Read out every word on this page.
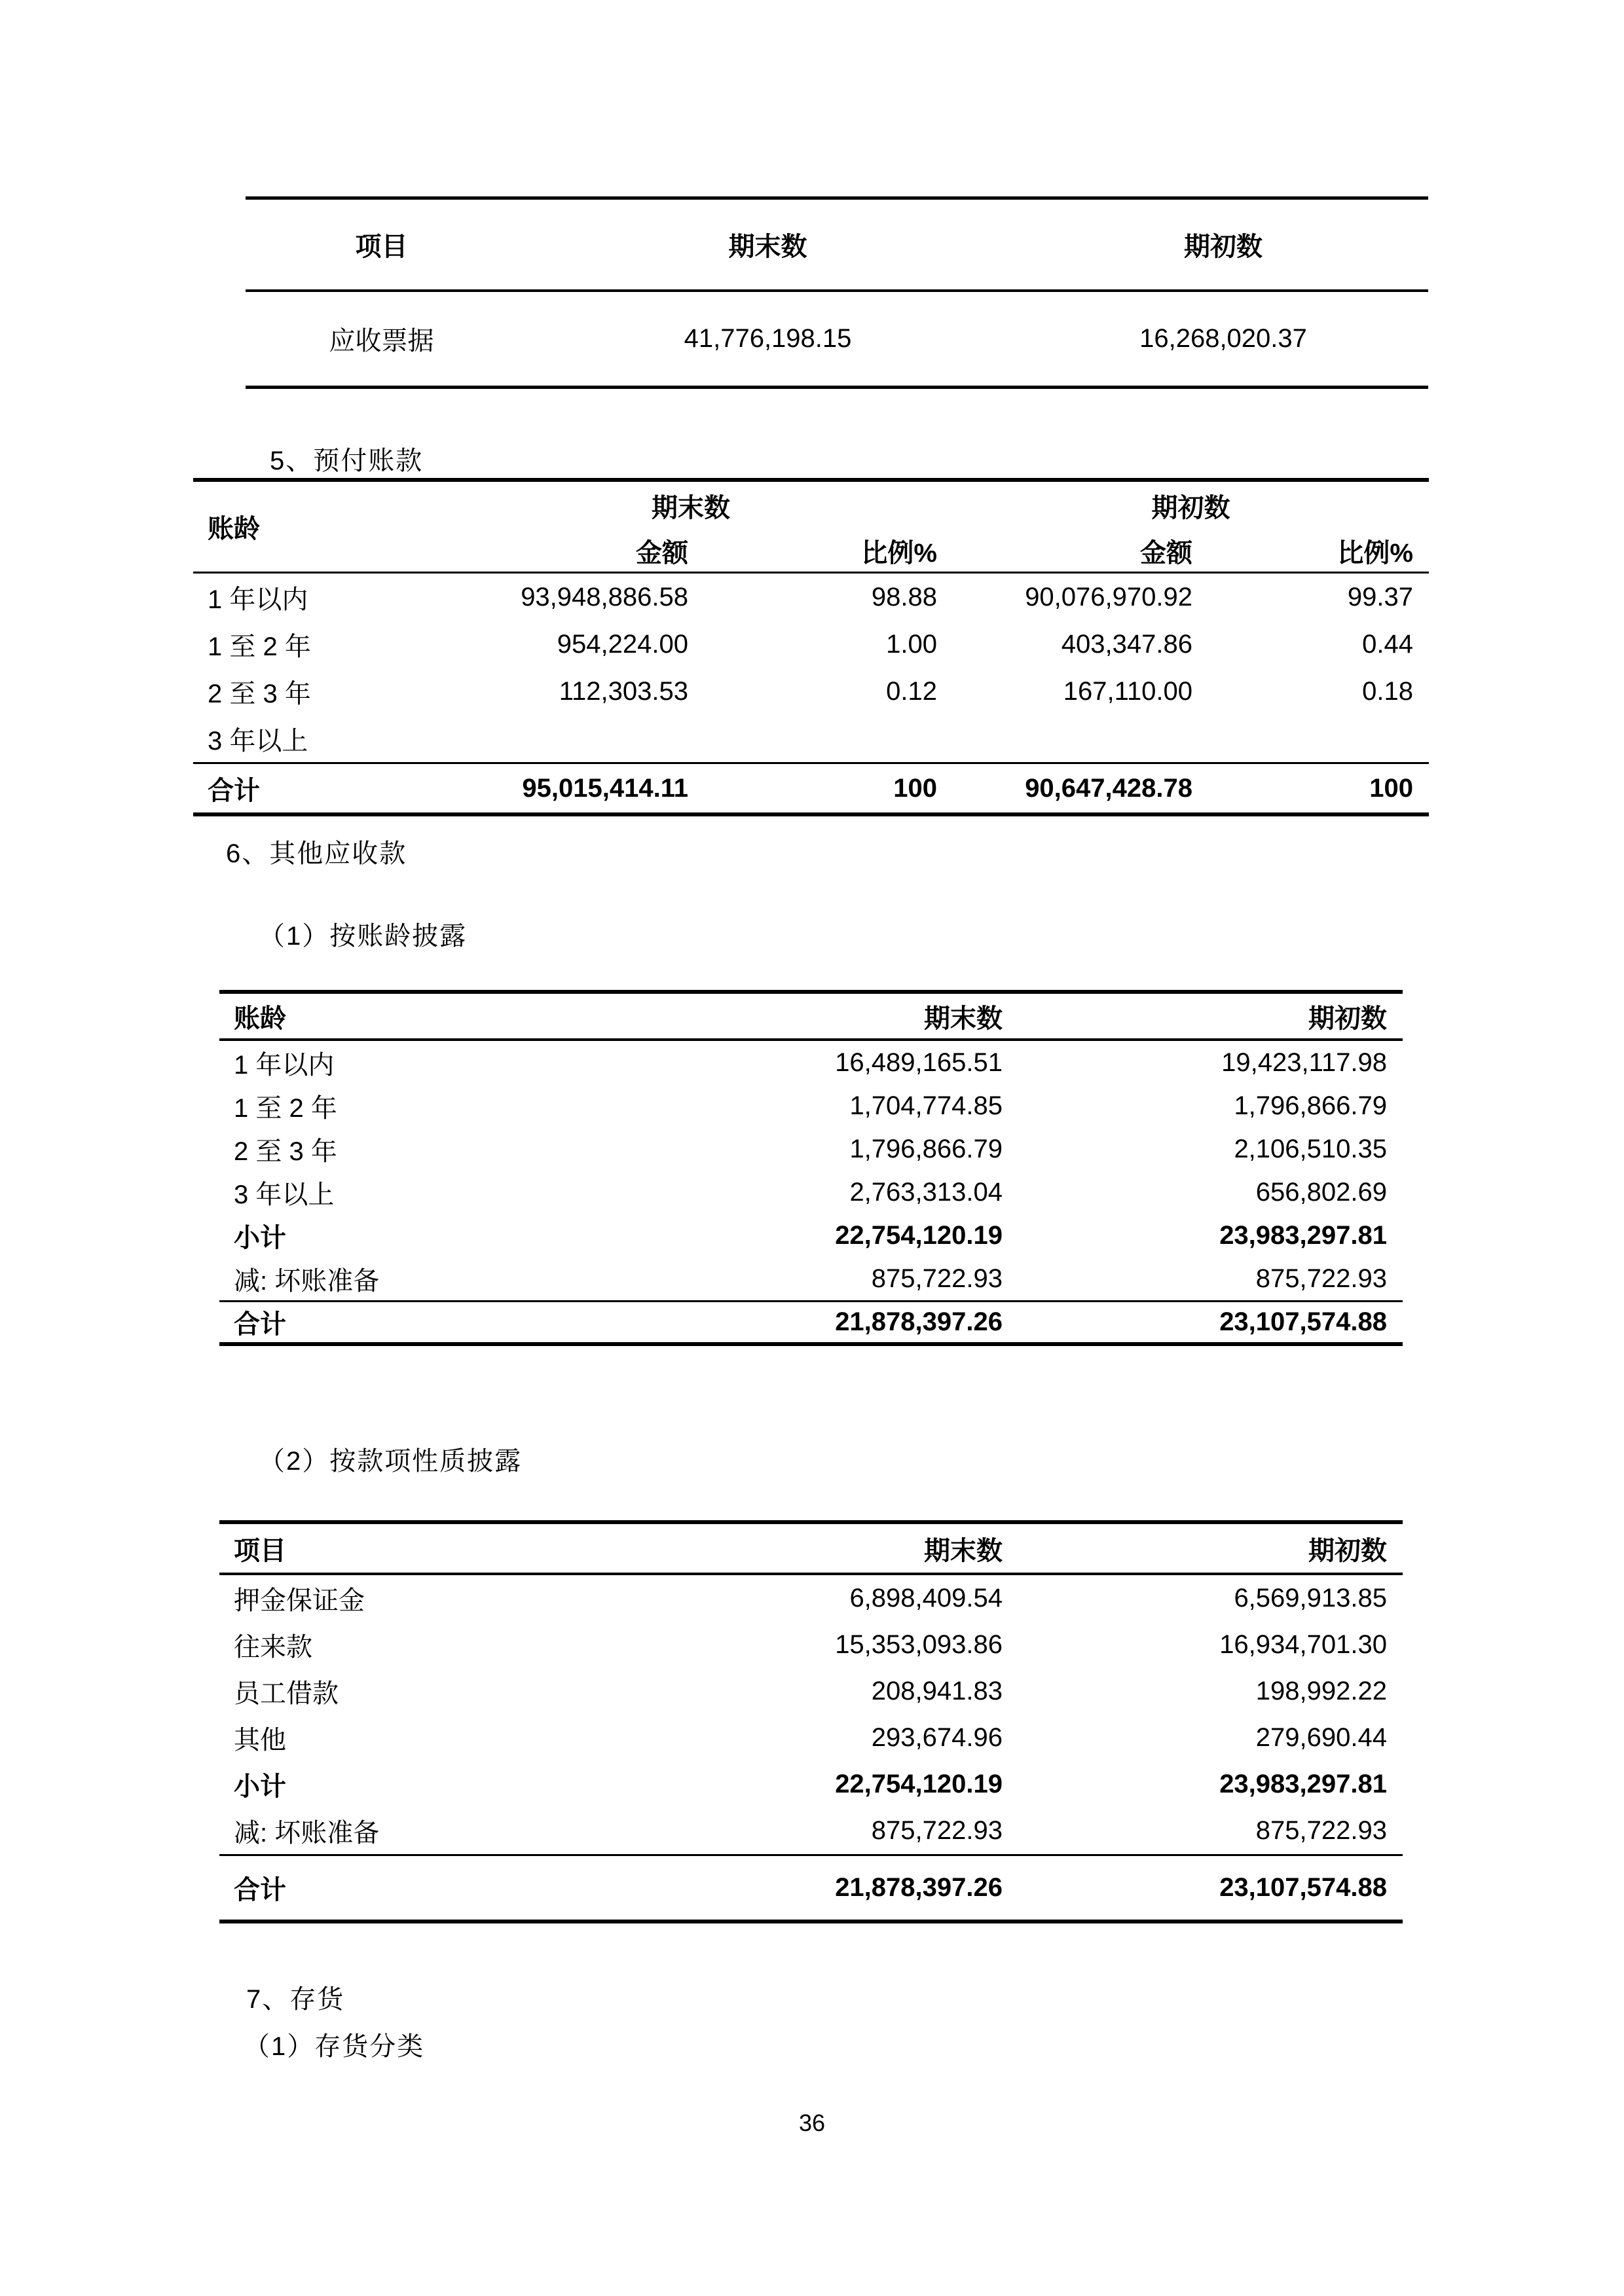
项目	期末数	期初数
应收票据	41,776,198.15	16,268,020.37
5、预付账款
账龄
期末数	期初数
金额	比例%	金额	比例%
1 年以内	93,948,886.58	98.88	90,076,970.92	99.37
1 至 2 年	954,224.00	1.00	403,347.86	0.44
2 至 3 年	112,303.53	0.12	167,110.00	0.18
3 年以上
合计	95,015,414.11	100	90,647,428.78	100
6、其他应收款
（1）按账龄披露
账龄	期末数	期初数
1 年以内	16,489,165.51	19,423,117.98
1 至 2 年	1,704,774.85	1,796,866.79
2 至 3 年	1,796,866.79	2,106,510.35
3 年以上	2,763,313.04	656,802.69
小计	22,754,120.19	23,983,297.81
减: 坏账准备	875,722.93	875,722.93
合计	21,878,397.26	23,107,574.88
（2）按款项性质披露
项目	期末数	期初数
押金保证金	6,898,409.54	6,569,913.85
往来款	15,353,093.86	16,934,701.30
员工借款	208,941.83	198,992.22
其他	293,674.96	279,690.44
小计	22,754,120.19	23,983,297.81
减: 坏账准备	875,722.93	875,722.93
合计	21,878,397.26	23,107,574.88
7、存货
（1）存货分类
36
